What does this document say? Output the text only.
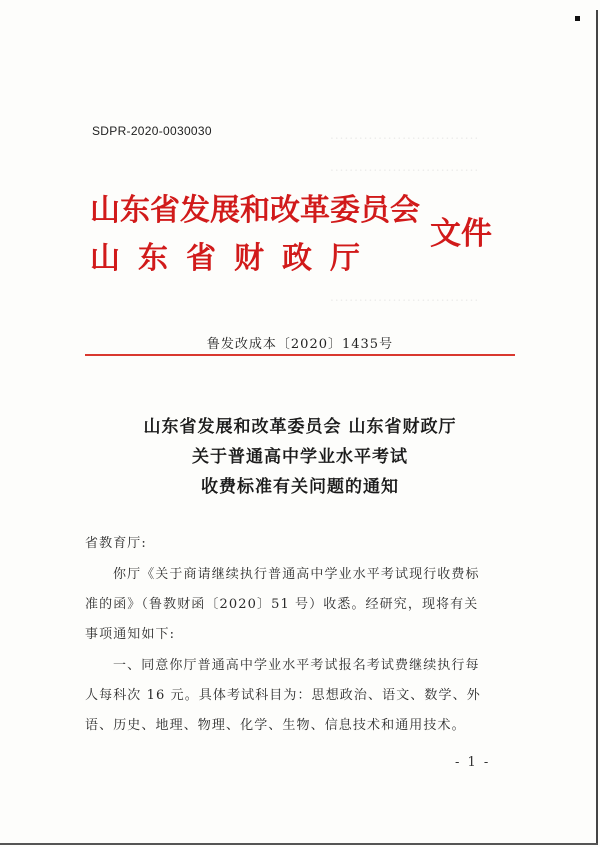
...............................
...............................
...............................
SDPR-2020-0030030
山东省发展和改革委员会
山东省财政厅
文件
鲁发改成本〔2020〕1435号
山东省发展和改革委员会 山东省财政厅
关于普通高中学业水平考试
收费标准有关问题的通知
省教育厅:
你厅《关于商请继续执行普通高中学业水平考试现行收费标
准的函》（鲁教财函〔2020〕51 号）收悉。经研究，现将有关
事项通知如下:
一、同意你厅普通高中学业水平考试报名考试费继续执行每
人每科次 16 元。具体考试科目为：思想政治、语文、数学、外
语、历史、地理、物理、化学、生物、信息技术和通用技术。
- 1 -
